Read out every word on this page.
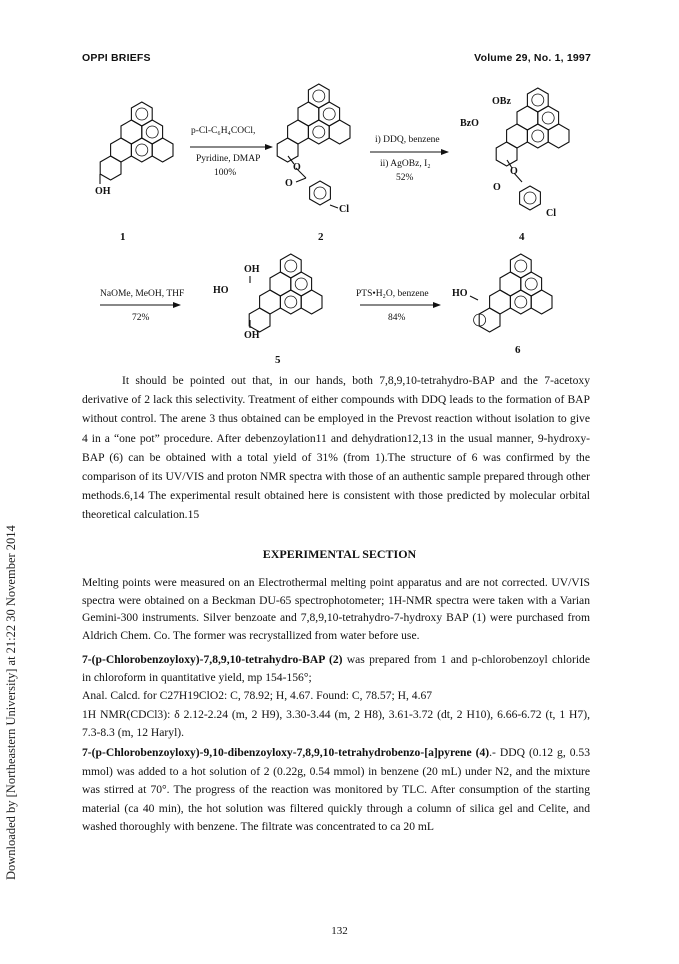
OPPI BRIEFS	Volume 29, No. 1, 1997
Downloaded by [Northeastern University] at 21:22 30 November 2014
OH
1
p-Cl-C₆H₄COCl,
Pyridine, DMAP
100%	O
O
Cl
2
i) DDQ, benzene
ii) AgOBz, I₂
52%
OBz
BzO
O
O
Cl
4
NaOMe, MeOH, THF
72%
OH
HO
OH
5
PTS•H₂O, benzene
84%
HO
6
It should be pointed out that, in our hands, both 7,8,9,10-tetrahydro-BAP and the 7-acetoxy derivative of 2 lack this selectivity. Treatment of either compounds with DDQ leads to the formation of BAP without control. The arene 3 thus obtained can be employed in the Prevost reaction without isolation to give 4 in a “one pot” procedure. After debenzoylation11 and dehydration12,13 in the usual manner, 9-hydroxy-BAP (6) can be obtained with a total yield of 31% (from 1).The structure of 6 was confirmed by the comparison of its UV/VIS and proton NMR spectra with those of an authentic sample prepared through other methods.6,14 The experimental result obtained here is consistent with those predicted by molecular orbital theoretical calculation.15
EXPERIMENTAL SECTION
Melting points were measured on an Electrothermal melting point apparatus and are not corrected. UV/VIS spectra were obtained on a Beckman DU-65 spectrophotometer; 1H-NMR spectra were taken with a Varian Gemini-300 instruments. Silver benzoate and 7,8,9,10-tetrahydro-7-hydroxy BAP (1) were purchased from Aldrich Chem. Co. The former was recrystallized from water before use.
7-(p-Chlorobenzoyloxy)-7,8,9,10-tetrahydro-BAP (2) was prepared from 1 and p-chlorobenzoyl chloride in chloroform in quantitative yield, mp 154-156°;
Anal. Calcd. for C27H19ClO2: C, 78.92; H, 4.67. Found: C, 78.57; H, 4.67
1H NMR(CDCl3): δ 2.12-2.24 (m, 2 H9), 3.30-3.44 (m, 2 H8), 3.61-3.72 (dt, 2 H10), 6.66-6.72 (t, 1 H7), 7.3-8.3 (m, 12 Haryl).
7-(p-Chlorobenzoyloxy)-9,10-dibenzoyloxy-7,8,9,10-tetrahydrobenzo-[a]pyrene (4).- DDQ (0.12 g, 0.53 mmol) was added to a hot solution of 2 (0.22g, 0.54 mmol) in benzene (20 mL) under N2, and the mixture was stirred at 70°. The progress of the reaction was monitored by TLC. After consumption of the starting material (ca 40 min), the hot solution was filtered quickly through a column of silica gel and Celite, and washed thoroughly with benzene. The filtrate was concentrated to ca 20 mL
132
